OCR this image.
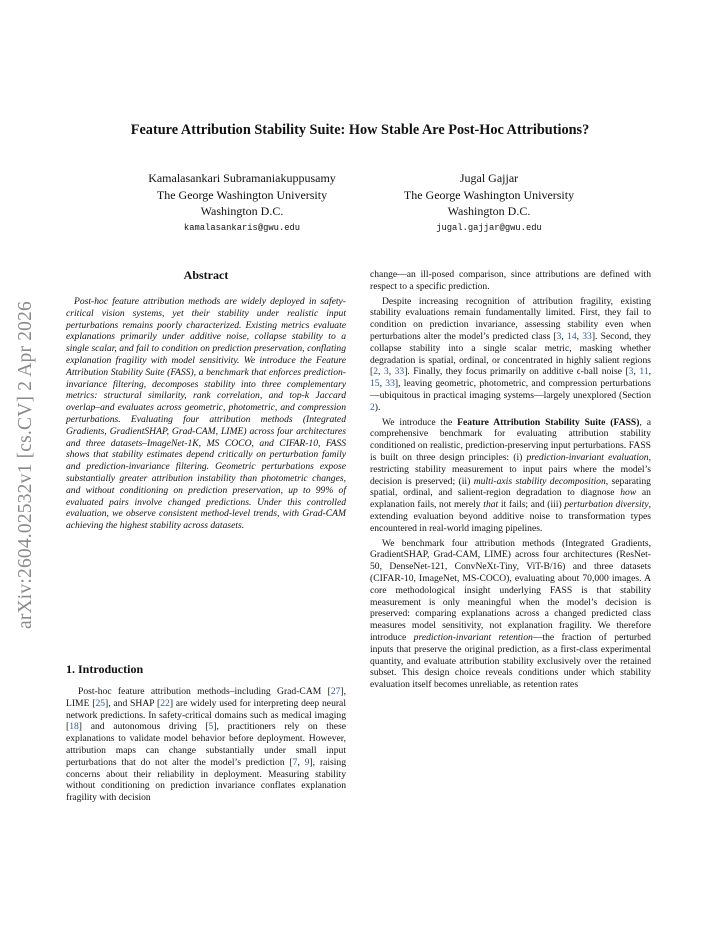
arXiv:2604.02532v1 [cs.CV] 2 Apr 2026
Feature Attribution Stability Suite: How Stable Are Post-Hoc Attributions?
Kamalasankari Subramaniakuppusamy
The George Washington University
Washington D.C.
kamalasankaris@gwu.edu
Jugal Gajjar
The George Washington University
Washington D.C.
jugal.gajjar@gwu.edu
Abstract

Post-hoc feature attribution methods are widely deployed in safety-critical vision systems, yet their stability under realistic input perturbations remains poorly characterized. Existing metrics evaluate explanations primarily under additive noise, collapse stability to a single scalar, and fail to condition on prediction preservation, conflating explanation fragility with model sensitivity. We introduce the Feature Attribution Stability Suite (FASS), a benchmark that enforces prediction-invariance filtering, decomposes stability into three complementary metrics: structural similarity, rank correlation, and top-k Jaccard overlap–and evaluates across geometric, photometric, and compression perturbations. Evaluating four attribution methods (Integrated Gradients, GradientSHAP, Grad-CAM, LIME) across four architectures and three datasets–ImageNet-1K, MS COCO, and CIFAR-10, FASS shows that stability estimates depend critically on perturbation family and prediction-invariance filtering. Geometric perturbations expose substantially greater attribution instability than photometric changes, and without conditioning on prediction preservation, up to 99% of evaluated pairs involve changed predictions. Under this controlled evaluation, we observe consistent method-level trends, with Grad-CAM achieving the highest stability across datasets.

1. Introduction

Post-hoc feature attribution methods–including Grad-CAM [27], LIME [25], and SHAP [22] are widely used for interpreting deep neural network predictions. In safety-critical domains such as medical imaging [18] and autonomous driving [5], practitioners rely on these explanations to validate model behavior before deployment. However, attribution maps can change substantially under small input perturbations that do not alter the model’s prediction [7, 9], raising concerns about their reliability in deployment. Measuring stability without conditioning on prediction invariance conflates explanation fragility with decision

change—an ill-posed comparison, since attributions are defined with respect to a specific prediction.

Despite increasing recognition of attribution fragility, existing stability evaluations remain fundamentally limited. First, they fail to condition on prediction invariance, assessing stability even when perturbations alter the model’s predicted class [3, 14, 33]. Second, they collapse stability into a single scalar metric, masking whether degradation is spatial, ordinal, or concentrated in highly salient regions [2, 3, 33]. Finally, they focus primarily on additive ϵ-ball noise [3, 11, 15, 33], leaving geometric, photometric, and compression perturbations—ubiquitous in practical imaging systems—largely unexplored (Section 2).

We introduce the Feature Attribution Stability Suite (FASS), a comprehensive benchmark for evaluating attribution stability conditioned on realistic, prediction-preserving input perturbations. FASS is built on three design principles: (i) prediction-invariant evaluation, restricting stability measurement to input pairs where the model’s decision is preserved; (ii) multi-axis stability decomposition, separating spatial, ordinal, and salient-region degradation to diagnose how an explanation fails, not merely that it fails; and (iii) perturbation diversity, extending evaluation beyond additive noise to transformation types encountered in real-world imaging pipelines.

We benchmark four attribution methods (Integrated Gradients, GradientSHAP, Grad-CAM, LIME) across four architectures (ResNet-50, DenseNet-121, ConvNeXt-Tiny, ViT-B/16) and three datasets (CIFAR-10, ImageNet, MS-COCO), evaluating about 70,000 images. A core methodological insight underlying FASS is that stability measurement is only meaningful when the model’s decision is preserved: comparing explanations across a changed predicted class measures model sensitivity, not explanation fragility. We therefore introduce prediction-invariant retention—the fraction of perturbed inputs that preserve the original prediction, as a first-class experimental quantity, and evaluate attribution stability exclusively over the retained subset. This design choice reveals conditions under which stability evaluation itself becomes unreliable, as retention rates
